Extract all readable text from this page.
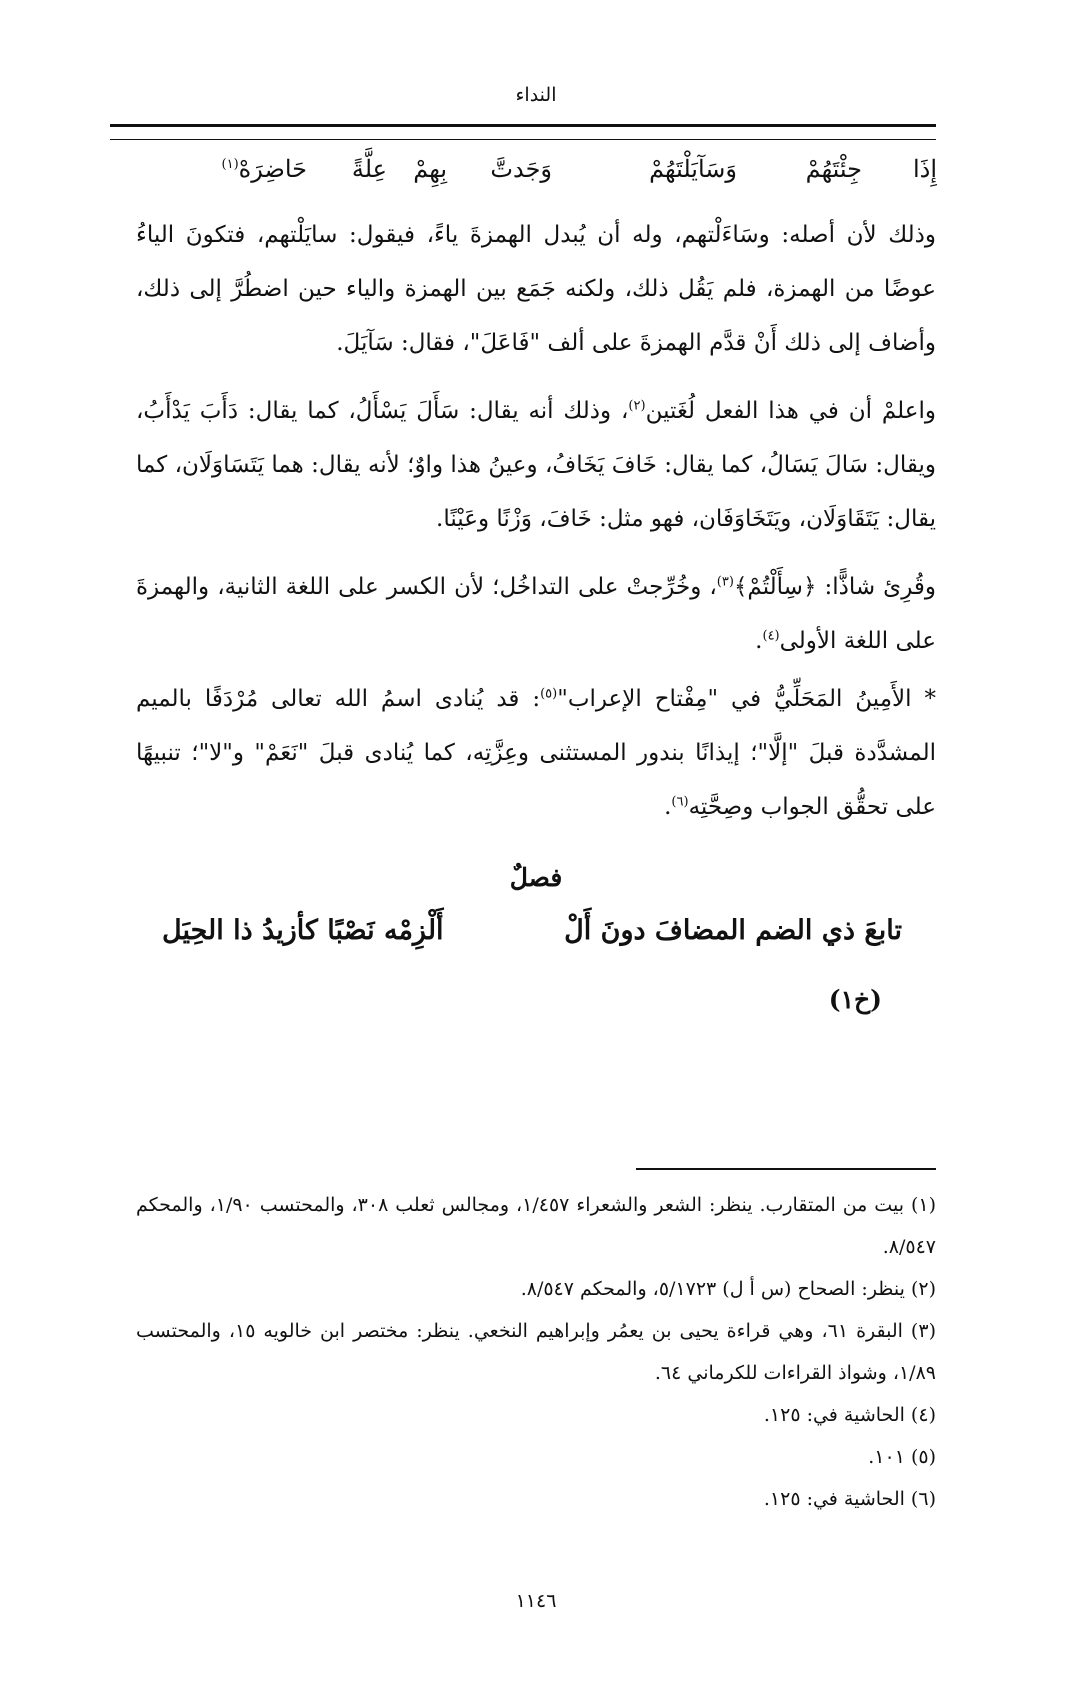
النداء
إِذَا
جِئْتَهُمْ
وَسَآيَلْتَهُمْ
وَجَدتَّ
بِهِمْ
عِلَّةً
حَاضِرَهْ$^{(١)}$
وذلك لأن أصله: وسَاءَلْتهم، وله أن يُبدل الهمزةَ ياءً، فيقول: سايَلْتهم، فتكونَ الياءُ عوضًا من الهمزة، فلم يَقُل ذلك، ولكنه جَمَع بين الهمزة والياء حين اضطُرَّ إلى ذلك، وأضاف إلى ذلك أَنْ قدَّم الهمزةَ على ألف "فَاعَلَ"، فقال: سَآيَلَ.
واعلمْ أن في هذا الفعل لُغَتين$^{(٢)}$، وذلك أنه يقال: سَأَلَ يَسْأَلُ، كما يقال: دَأَبَ يَدْأَبُ، ويقال: سَالَ يَسَالُ، كما يقال: خَافَ يَخَافُ، وعينُ هذا واوٌ؛ لأنه يقال: هما يَتَسَاوَلَان، كما يقال: يَتَقَاوَلَان، ويَتَخَاوَفَان، فهو مثل: خَافَ، وَزْنًا وعَيْنًا.
وقُرِئ شاذًّا: ﴿سِأَلْتُمْ﴾$^{(٣)}$، وخُرِّجتْ على التداخُل؛ لأن الكسر على اللغة الثانية، والهمزةَ على اللغة الأولى$^{(٤)}$.
* الأَمِينُ المَحَلِّيُّ في "مِفْتاح الإعراب"$^{(٥)}$: قد يُنادى اسمُ الله تعالى مُرْدَفًا بالميم المشدَّدة قبلَ "إلَّا"؛ إيذانًا بندور المستثنى وعِزَّتِه، كما يُنادى قبلَ "نَعَمْ" و"لا"؛ تنبيهًا على تحقُّق الجواب وصِحَّتِه$^{(٦)}$.
فصلٌ
تابعَ ذي الضم المضافَ دونَ أَلْ
أَلْزِمْه نَصْبًا كأزيدُ ذا الحِيَل
(خ١)
(١) بيت من المتقارب. ينظر: الشعر والشعراء ١/٤٥٧، ومجالس ثعلب ٣٠٨، والمحتسب ١/٩٠، والمحكم ٨/٥٤٧.
(٢) ينظر: الصحاح (س أ ل) ٥/١٧٢٣، والمحكم ٨/٥٤٧.
(٣) البقرة ٦١، وهي قراءة يحيى بن يعمُر وإبراهيم النخعي. ينظر: مختصر ابن خالويه ١٥، والمحتسب ١/٨٩، وشواذ القراءات للكرماني ٦٤.
(٤) الحاشية في: ١٢٥.
(٥) ١٠١.
(٦) الحاشية في: ١٢٥.
١١٤٦
